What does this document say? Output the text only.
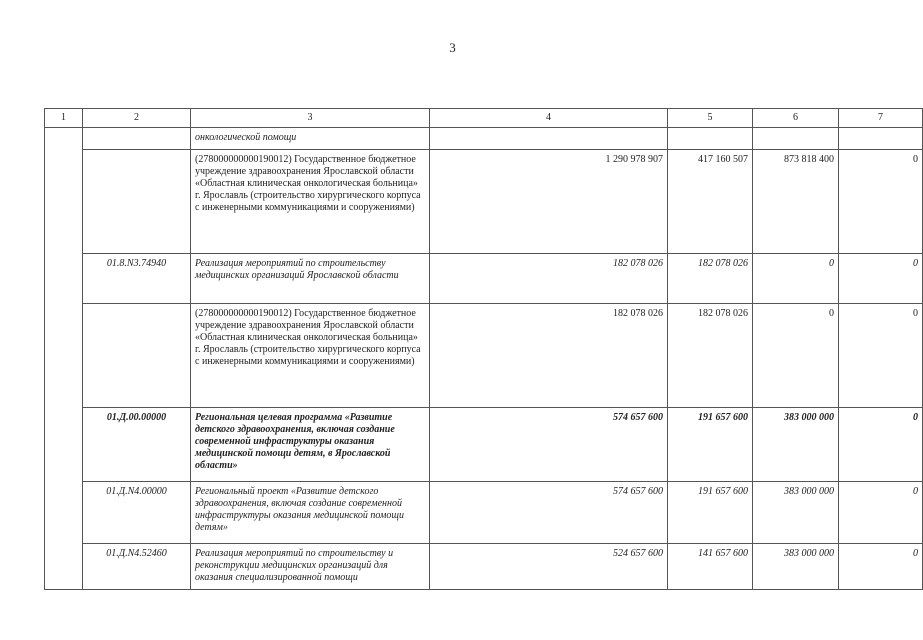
3
1	2	3	4	5	6	7
		онкологической помощи				
		(278000000000190012) Государственное бюджетное учреждение здравоохранения Ярославской области «Областная клиническая онкологическая больница» г. Ярославль (строительство хирургического корпуса с инженерными коммуникациями и сооружениями)	1 290 978 907	417 160 507	873 818 400	0
	01.8.N3.74940	Реализация мероприятий по строительству медицинских организаций Ярославской области	182 078 026	182 078 026	0	0
		(278000000000190012) Государственное бюджетное учреждение здравоохранения Ярославской области «Областная клиническая онкологическая больница» г. Ярославль (строительство хирургического корпуса с инженерными коммуникациями и сооружениями)	182 078 026	182 078 026	0	0
	01.Д.00.00000	Региональная целевая программа «Развитие детского здравоохранения, включая создание современной инфраструктуры оказания медицинской помощи детям, в Ярославской области»	574 657 600	191 657 600	383 000 000	0
	01.Д.N4.00000	Региональный проект «Развитие детского здравоохранения, включая создание современной инфраструктуры оказания медицинской помощи детям»	574 657 600	191 657 600	383 000 000	0
	01.Д.N4.52460	Реализация мероприятий по строительству и реконструкции медицинских организаций для оказания специализированной помощи	524 657 600	141 657 600	383 000 000	0
